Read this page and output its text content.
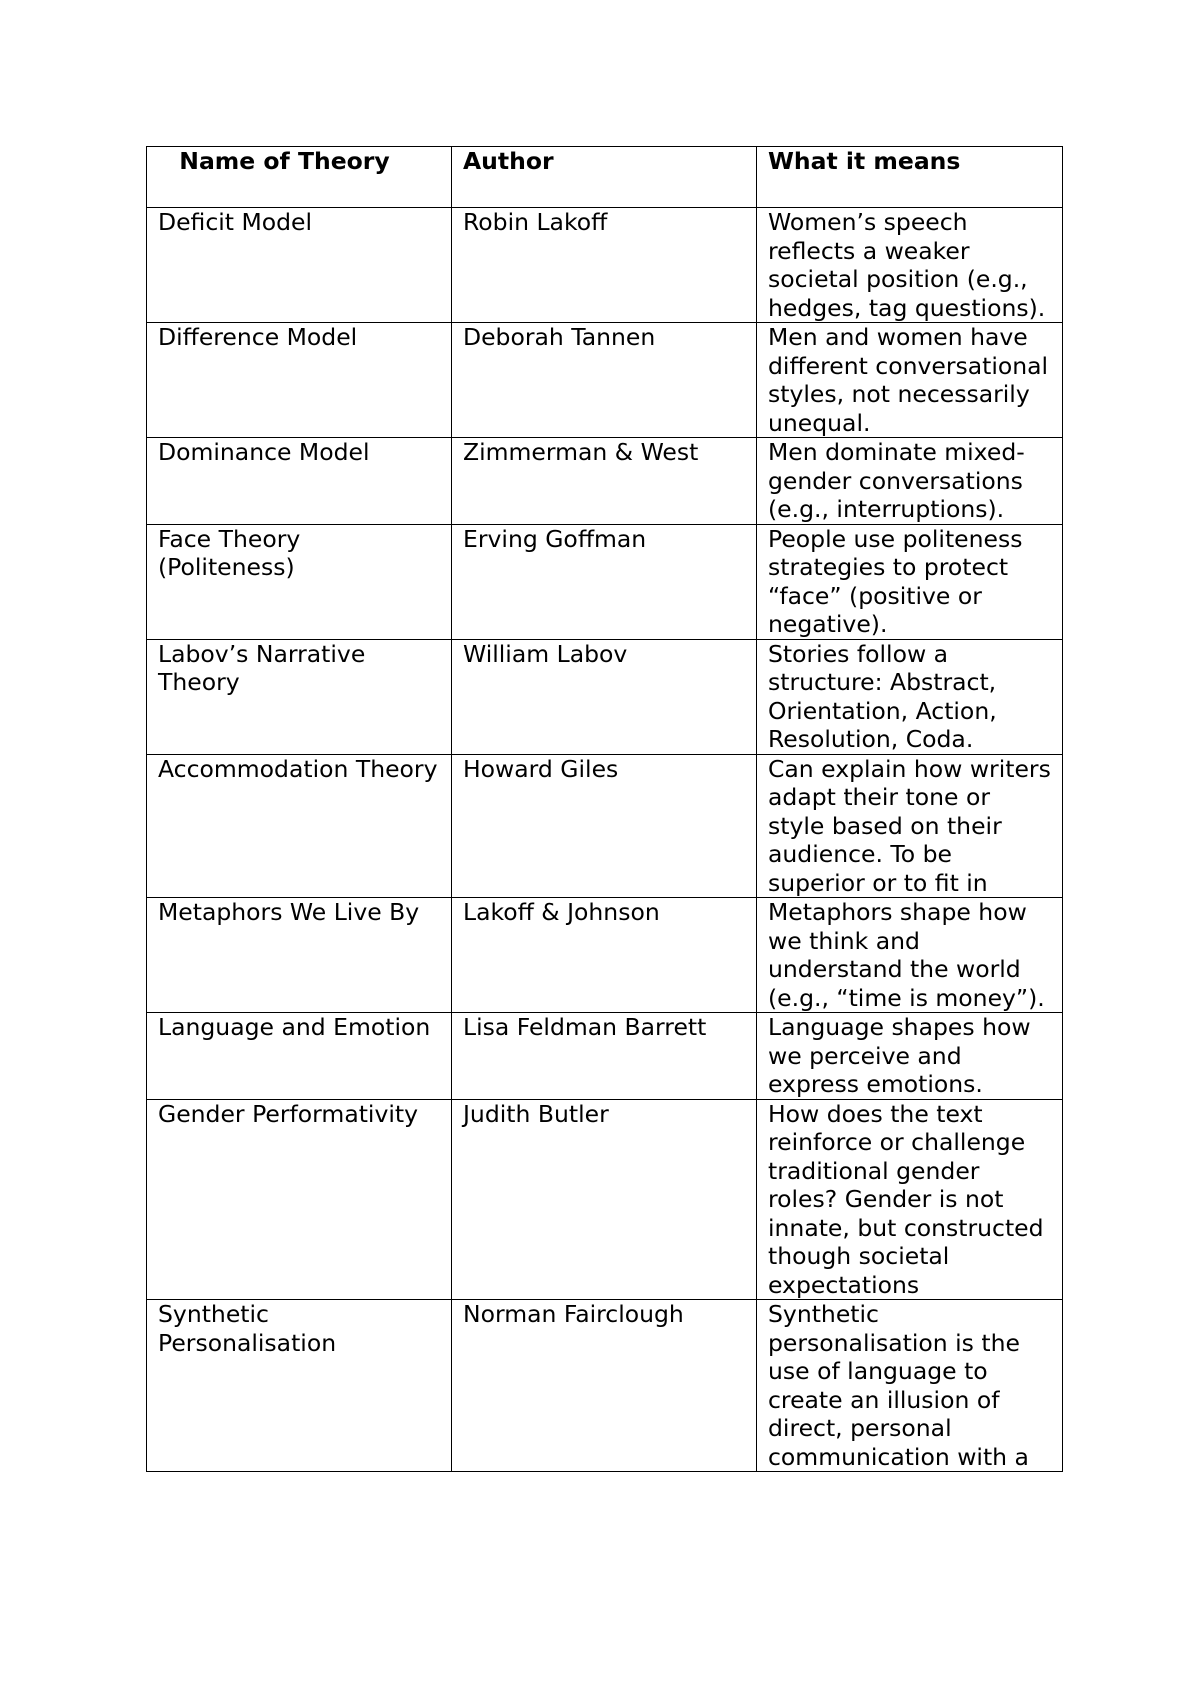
Name of Theory	Author	What it means
Deficit Model	Robin Lakoff	Women’s speech reflects a weaker societal position (e.g., hedges, tag questions).
Difference Model	Deborah Tannen	Men and women have different conversational styles, not necessarily unequal.
Dominance Model	Zimmerman & West	Men dominate mixed-gender conversations (e.g., interruptions).
Face Theory (Politeness)	Erving Goffman	People use politeness strategies to protect “face” (positive or negative).
Labov’s Narrative Theory	William Labov	Stories follow a structure: Abstract, Orientation, Action, Resolution, Coda.
Accommodation Theory	Howard Giles	Can explain how writers adapt their tone or style based on their audience. To be superior or to fit in
Metaphors We Live By	Lakoff & Johnson	Metaphors shape how we think and understand the world (e.g., “time is money”).
Language and Emotion	Lisa Feldman Barrett	Language shapes how we perceive and express emotions.
Gender Performativity	Judith Butler	How does the text reinforce or challenge traditional gender roles? Gender is not innate, but constructed though societal expectations
Synthetic Personalisation	Norman Fairclough	Synthetic personalisation is the use of language to create an illusion of direct, personal communication with a
